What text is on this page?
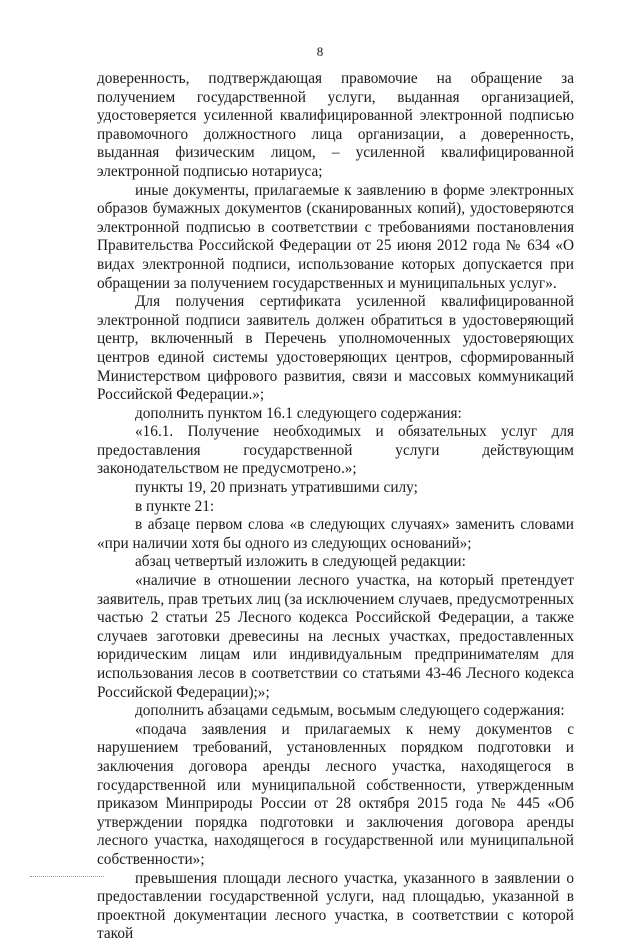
8

доверенность, подтверждающая правомочие на обращение за получением государственной услуги, выданная организацией, удостоверяется усиленной квалифицированной электронной подписью правомочного должностного лица организации, а доверенность, выданная физическим лицом, – усиленной квалифицированной электронной подписью нотариуса;

иные документы, прилагаемые к заявлению в форме электронных образов бумажных документов (сканированных копий), удостоверяются электронной подписью в соответствии с требованиями постановления Правительства Российской Федерации от 25 июня 2012 года № 634 «О видах электронной подписи, использование которых допускается при обращении за получением государственных и муниципальных услуг».

Для получения сертификата усиленной квалифицированной электронной подписи заявитель должен обратиться в удостоверяющий центр, включенный в Перечень уполномоченных удостоверяющих центров единой системы удостоверяющих центров, сформированный Министерством цифрового развития, связи и массовых коммуникаций Российской Федерации.»;

дополнить пунктом 16.1 следующего содержания:

«16.1. Получение необходимых и обязательных услуг для предоставления государственной услуги действующим законодательством не предусмотрено.»;

пункты 19, 20 признать утратившими силу;

в пункте 21:

в абзаце первом слова «в следующих случаях» заменить словами «при наличии хотя бы одного из следующих оснований»;

абзац четвертый изложить в следующей редакции:

«наличие в отношении лесного участка, на который претендует заявитель, прав третьих лиц (за исключением случаев, предусмотренных частью 2 статьи 25 Лесного кодекса Российской Федерации, а также случаев заготовки древесины на лесных участках, предоставленных юридическим лицам или индивидуальным предпринимателям для использования лесов в соответствии со статьями 43-46 Лесного кодекса Российской Федерации);»;

дополнить абзацами седьмым, восьмым следующего содержания:

«подача заявления и прилагаемых к нему документов с нарушением требований, установленных порядком подготовки и заключения договора аренды лесного участка, находящегося в государственной или муниципальной собственности, утвержденным приказом Минприроды России от 28 октября 2015 года № 445 «Об утверждении порядка подготовки и заключения договора аренды лесного участка, находящегося в государственной или муниципальной собственности»;

превышения площади лесного участка, указанного в заявлении о предоставлении государственной услуги, над площадью, указанной в проектной документации лесного участка, в соответствии с которой такой
